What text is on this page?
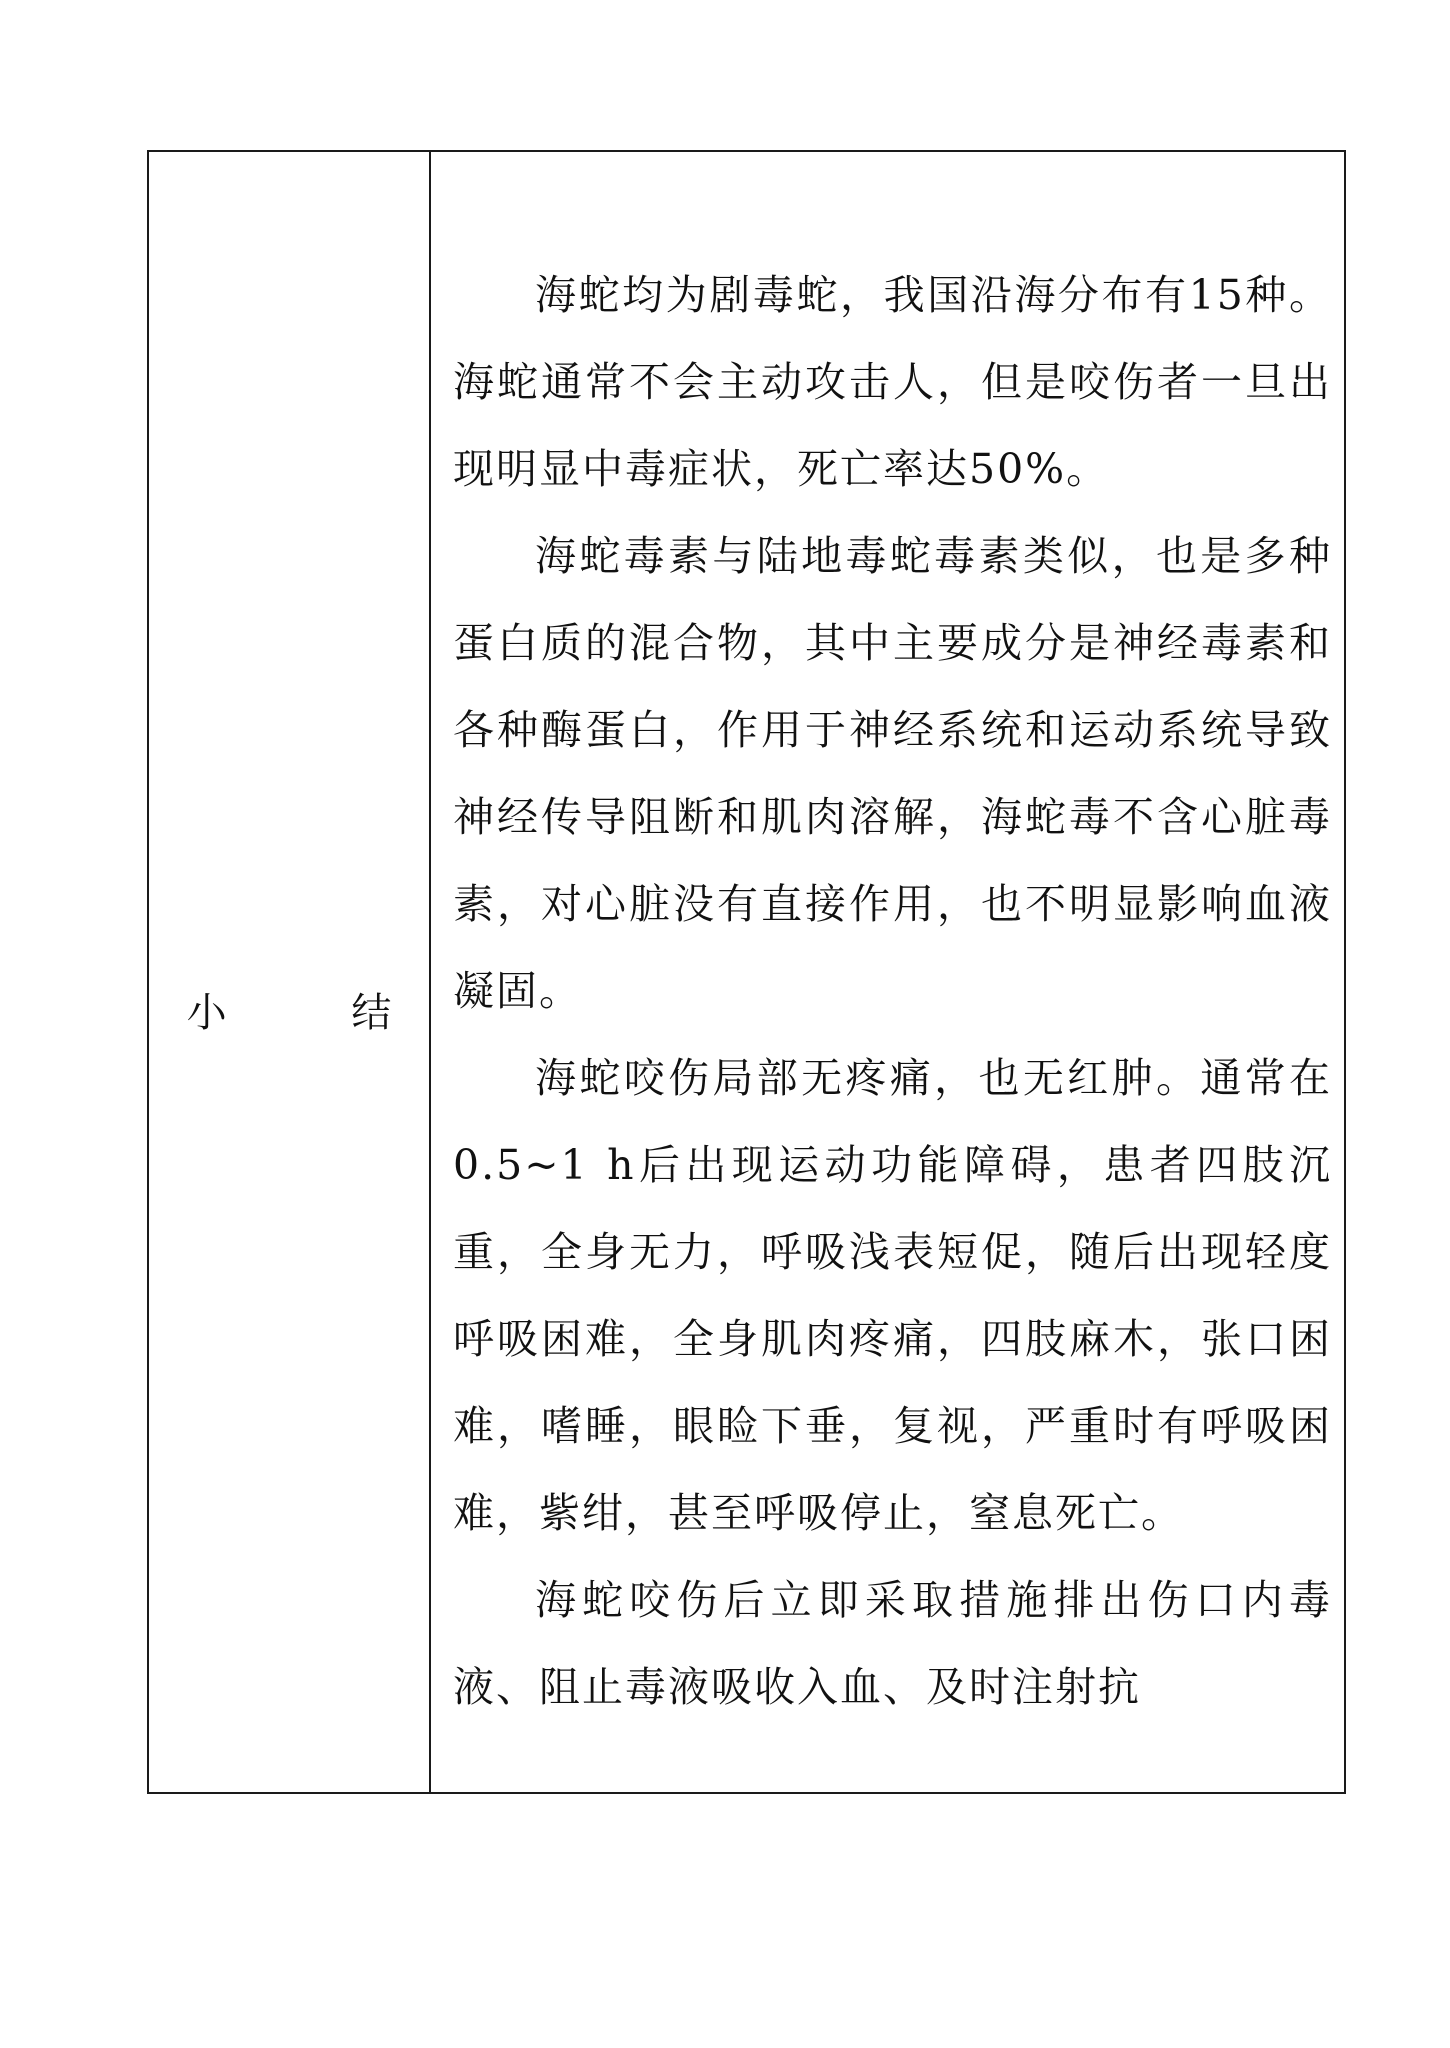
小 结

海蛇均为剧毒蛇，我国沿海分布有15种。海蛇通常不会主动攻击人，但是咬伤者一旦出现明显中毒症状，死亡率达50%。

海蛇毒素与陆地毒蛇毒素类似，也是多种蛋白质的混合物，其中主要成分是神经毒素和各种酶蛋白，作用于神经系统和运动系统导致神经传导阻断和肌肉溶解，海蛇毒不含心脏毒素，对心脏没有直接作用，也不明显影响血液凝固。

海蛇咬伤局部无疼痛，也无红肿。通常在0.5~1 h后出现运动功能障碍，患者四肢沉重，全身无力，呼吸浅表短促，随后出现轻度呼吸困难，全身肌肉疼痛，四肢麻木，张口困难，嗜睡，眼睑下垂，复视，严重时有呼吸困难，紫绀，甚至呼吸停止，窒息死亡。

海蛇咬伤后立即采取措施排出伤口内毒液、阻止毒液吸收入血、及时注射抗
